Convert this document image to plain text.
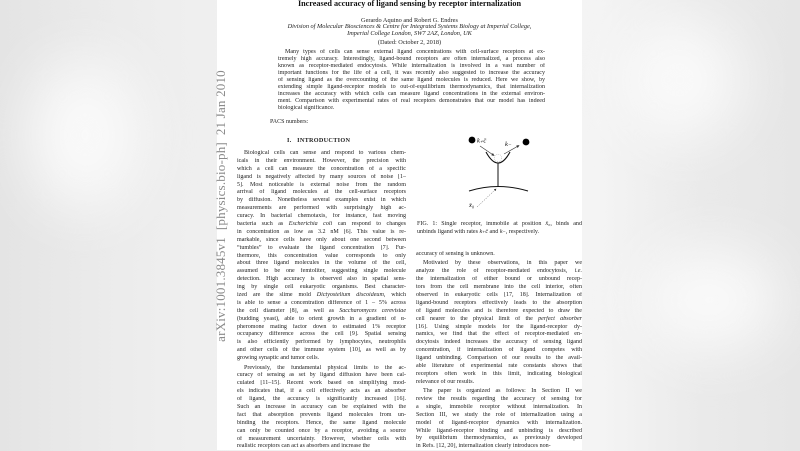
arXiv:1001.3845v1  [physics.bio-ph]  21 Jan 2010
Increased accuracy of ligand sensing by receptor internalization
Gerardo Aquino and Robert G. Endres
Division of Molecular Biosciences & Centre for Integrated Systems Biology at Imperial College,
Imperial College London, SW7 2AZ, London, UK
(Dated: October 2, 2018)
Many types of cells can sense external ligand concentrations with cell-surface receptors at ex-
tremely high accuracy. Interestingly, ligand-bound receptors are often internalized, a process also
known as receptor-mediated endocytosis. While internalization is involved in a vast number of
important functions for the life of a cell, it was recently also suggested to increase the accuracy
of sensing ligand as the overcounting of the same ligand molecules is reduced. Here we show, by
extending simple ligand-receptor models to out-of-equilibrium thermodynamics, that internalization
increases the accuracy with which cells can measure ligand concentrations in the external environ-
ment. Comparison with experimental rates of real receptors demonstrates that our model has indeed
biological significance.
PACS numbers:
I. INTRODUCTION
Biological cells can sense and respond to various chem-
icals in their environment. However, the precision with
which a cell can measure the concentration of a specific
ligand is negatively affected by many sources of noise [1–
5]. Most noticeable is external noise from the random
arrival of ligand molecules at the cell-surface receptors
by diffusion. Nonetheless several examples exist in which
measurements are performed with surprisingly high ac-
curacy. In bacterial chemotaxis, for instance, fast moving
bacteria such as Escherichia coli can respond to changes
in concentration as low as 3.2 nM [6]. This value is re-
markable, since cells have only about one second between
“tumbles” to evaluate the ligand concentration [7]. Fur-
thermore, this concentration value corresponds to only
about three ligand molecules in the volume of the cell,
assumed to be one femtoliter, suggesting single molecule
detection. High accuracy is observed also in spatial sens-
ing by single cell eukaryotic organisms. Best character-
ized are the slime mold Dictyostelium discoideum, which
is able to sense a concentration difference of 1 – 5% across
the cell diameter [8], as well as Saccharomyces cerevisiae
(budding yeast), able to orient growth in a gradient of α-
pheromone mating factor down to estimated 1% receptor
occupancy difference across the cell [9]. Spatial sensing
is also efficiently performed by lymphocytes, neutrophils
and other cells of the immune system [10], as well as by
growing synaptic and tumor cells.
Previously, the fundamental physical limits to the ac-
curacy of sensing as set by ligand diffusion have been cal-
culated [11–15]. Recent work based on simplifying mod-
els indicates that, if a cell effectively acts as an absorber
of ligand, the accuracy is significantly increased [16].
Such an increase in accuracy can be explained with the
fact that absorption prevents ligand molecules from un-
binding the receptors. Hence, the same ligand molecule
can only be counted once by a receptor, avoiding a source
of measurement uncertainty. However, whether cells with
realistic receptors can act as absorbers and increase the
accuracy of sensing is unknown.
Motivated by these observations, in this paper we
analyze the role of receptor-mediated endocytosis, i.e.
the internalization of either bound or unbound recep-
tors from the cell membrane into the cell interior, often
observed in eukaryotic cells [17, 18]. Internalization of
ligand-bound receptors effectively leads to the absorption
of ligand molecules and is therefore expected to draw the
cell nearer to the physical limit of the perfect absorber
[16]. Using simple models for the ligand-receptor dy-
namics, we find that the effect of receptor-mediated en-
docytosis indeed increases the accuracy of sensing ligand
concentration, if internalization of ligand competes with
ligand unbinding. Comparison of our results to the avail-
able literature of experimental rate constants shows that
receptors often work in this limit, indicating biological
relevance of our results.
The paper is organized as follows: In Section II we
review the results regarding the accuracy of sensing for
a single, immobile receptor without internalization. In
Section III, we study the role of internalization using a
model of ligand-receptor dynamics with internalization.
While ligand-receptor binding and unbinding is described
by equilibrium thermodynamics, as previously developed
in Refs. [12, 20], internalization clearly introduces non-
k₊c̄	k₋
x̄₀
FIG. 1: Single receptor, immobile at position x̄₀, binds and
unbinds ligand with rates k₊c̄ and k₋, respectively.
